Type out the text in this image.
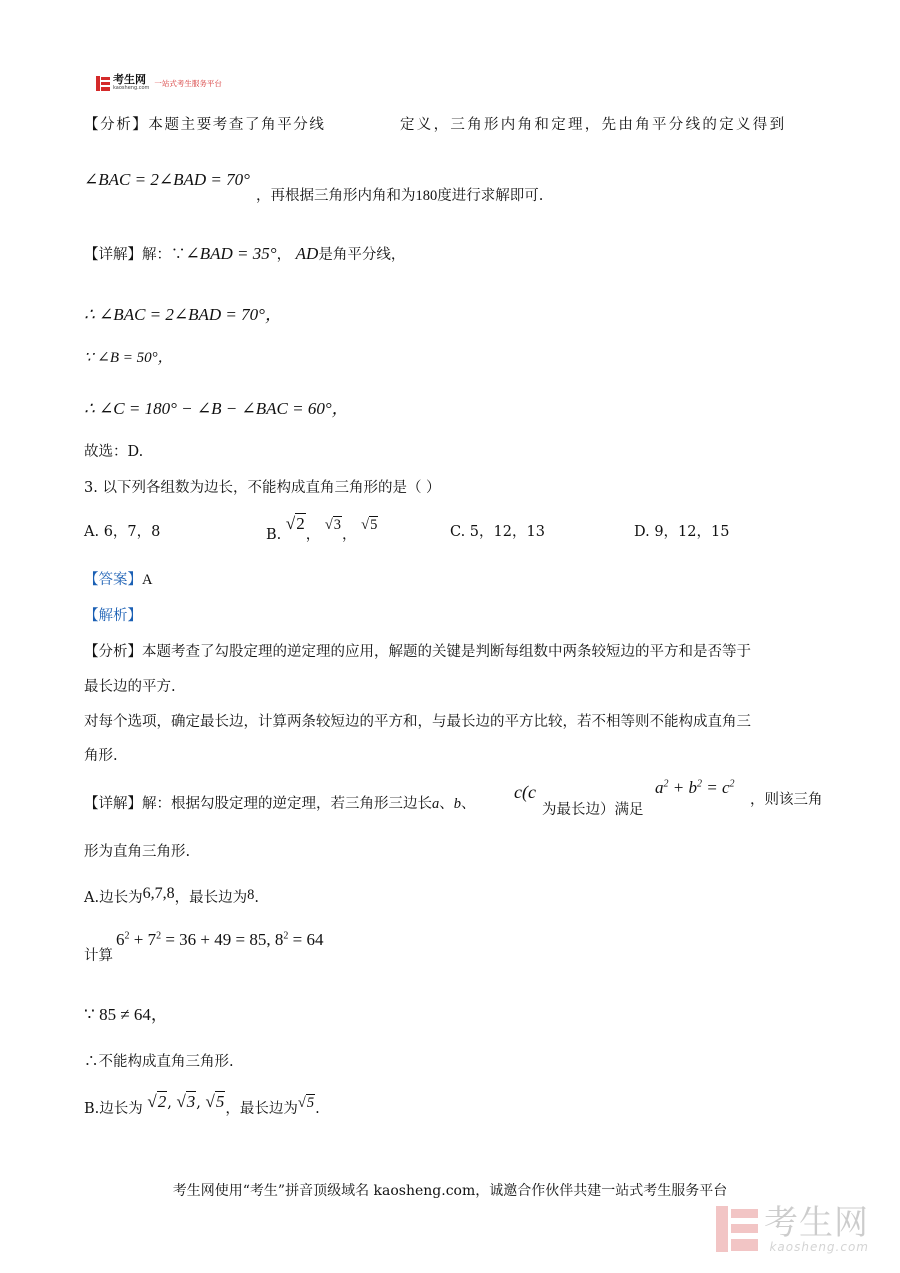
考生网
kaosheng.com
一站式考生服务平台
【分析】本题主要考查了角平分线	定义，三角形内角和定理，先由角平分线的定义得到
∠BAC = 2∠BAD = 70°
，再根据三角形内角和为180度进行求解即可.
【详解】解：∵∠BAD = 35°， AD是角平分线，
∴ ∠BAC = 2∠BAD = 70°，
∵ ∠B = 50°，
∴ ∠C = 180° − ∠B − ∠BAC = 60°，
故选：D.
3. 以下列各组数为边长，不能构成直角三角形的是（ ）
A. 6，7，8	B. √2， √3， √5	C. 5，12，13	D. 9，12，15
【答案】A
【解析】
【分析】本题考查了勾股定理的逆定理的应用，解题的关键是判断每组数中两条较短边的平方和是否等于
最长边的平方.
对每个选项，确定最长边，计算两条较短边的平方和，与最长边的平方比较，若不相等则不能构成直角三
角形.
【详解】解：根据勾股定理的逆定理，若三角形三边长a、b、
c(c
为最长边）满足
$a^2 + b^2 = c^2$
，则该三角
形为直角三角形.
A.边长为6,7,8，最长边为8.
计算
$6^2 + 7^2 = 36 + 49 = 85$, $8^2 = 64$
∵ 85 ≠ 64，
∴不能构成直角三角形.
B.边长为 √2, √3, √5，最长边为√5.
考生网使用“考生”拼音顶级域名 kaosheng.com，诚邀合作伙伴共建一站式考生服务平台
考生网
kaosheng.com
